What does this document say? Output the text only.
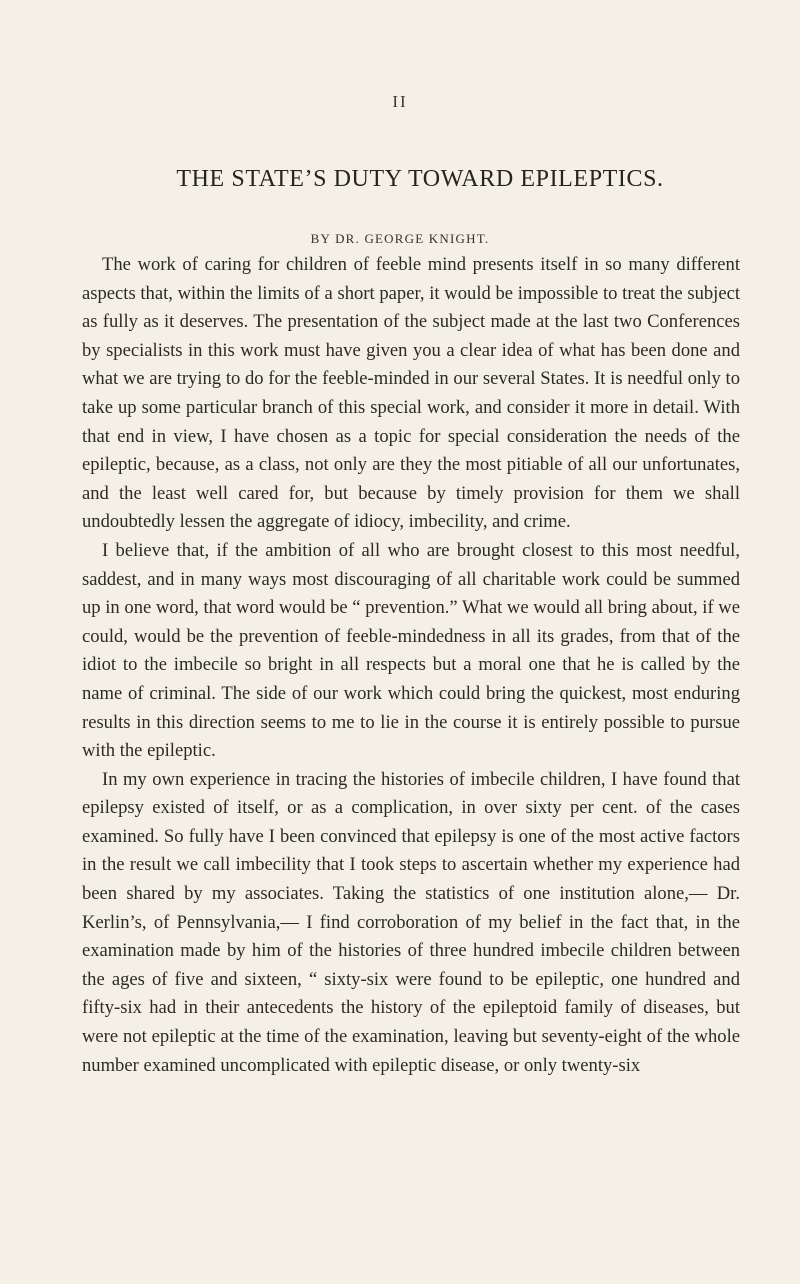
II
THE STATE’S DUTY TOWARD EPILEPTICS.
BY DR. GEORGE KNIGHT.

The work of caring for children of feeble mind presents itself in so many different aspects that, within the limits of a short paper, it would be impossible to treat the subject as fully as it deserves. The presentation of the subject made at the last two Conferences by specialists in this work must have given you a clear idea of what has been done and what we are trying to do for the feeble-minded in our several States. It is needful only to take up some particular branch of this special work, and consider it more in detail. With that end in view, I have chosen as a topic for special consideration the needs of the epileptic, because, as a class, not only are they the most pitiable of all our unfortunates, and the least well cared for, but because by timely provision for them we shall undoubtedly lessen the aggregate of idiocy, imbecility, and crime.

I believe that, if the ambition of all who are brought closest to this most needful, saddest, and in many ways most discouraging of all charitable work could be summed up in one word, that word would be “ prevention.” What we would all bring about, if we could, would be the prevention of feeble-mindedness in all its grades, from that of the idiot to the imbecile so bright in all respects but a moral one that he is called by the name of criminal. The side of our work which could bring the quickest, most enduring results in this direction seems to me to lie in the course it is entirely possible to pursue with the epileptic.

In my own experience in tracing the histories of imbecile children, I have found that epilepsy existed of itself, or as a complication, in over sixty per cent. of the cases examined. So fully have I been convinced that epilepsy is one of the most active factors in the result we call imbecility that I took steps to ascertain whether my experience had been shared by my associates. Taking the statistics of one institution alone,— Dr. Kerlin’s, of Pennsylvania,— I find corroboration of my belief in the fact that, in the examination made by him of the histories of three hundred imbecile children between the ages of five and sixteen, “ sixty-six were found to be epileptic, one hundred and fifty-six had in their antecedents the history of the epileptoid family of diseases, but were not epileptic at the time of the examination, leaving but seventy-eight of the whole number examined uncomplicated with epileptic disease, or only twenty-six
